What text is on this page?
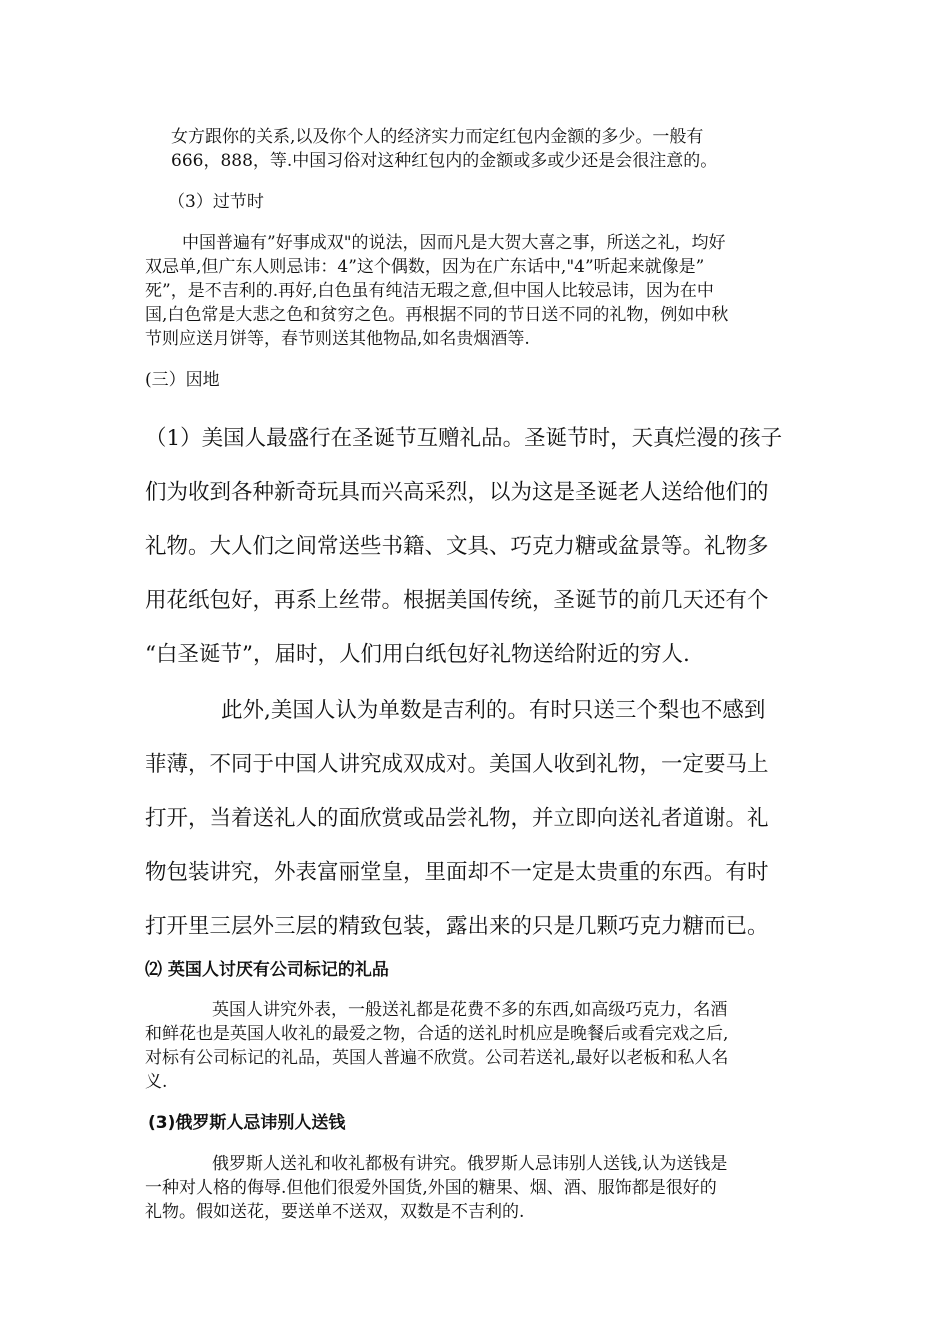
女方跟你的关系,以及你个人的经济实力而定红包内金额的多少。一般有
666，888，等.中国习俗对这种红包内的金额或多或少还是会很注意的。
（3）过节时
中国普遍有”好事成双"的说法，因而凡是大贺大喜之事，所送之礼，均好
双忌单,但广东人则忌讳：4”这个偶数，因为在广东话中,"4”听起来就像是”
死”，是不吉利的.再好,白色虽有纯洁无瑕之意,但中国人比较忌讳，因为在中
国,白色常是大悲之色和贫穷之色。再根据不同的节日送不同的礼物，例如中秋
节则应送月饼等，春节则送其他物品,如名贵烟酒等.
(三）因地
（1）美国人最盛行在圣诞节互赠礼品。圣诞节时，天真烂漫的孩子
们为收到各种新奇玩具而兴高采烈，以为这是圣诞老人送给他们的
礼物。大人们之间常送些书籍、文具、巧克力糖或盆景等。礼物多
用花纸包好，再系上丝带。根据美国传统，圣诞节的前几天还有个
“白圣诞节”，届时，人们用白纸包好礼物送给附近的穷人.
此外,美国人认为单数是吉利的。有时只送三个梨也不感到
菲薄，不同于中国人讲究成双成对。美国人收到礼物，一定要马上
打开，当着送礼人的面欣赏或品尝礼物，并立即向送礼者道谢。礼
物包装讲究，外表富丽堂皇，里面却不一定是太贵重的东西。有时
打开里三层外三层的精致包装，露出来的只是几颗巧克力糖而已。
⑵ 英国人讨厌有公司标记的礼品
英国人讲究外表，一般送礼都是花费不多的东西,如高级巧克力，名酒
和鲜花也是英国人收礼的最爱之物，合适的送礼时机应是晚餐后或看完戏之后,
对标有公司标记的礼品，英国人普遍不欣赏。公司若送礼,最好以老板和私人名
义.
(3)俄罗斯人忌讳别人送钱
俄罗斯人送礼和收礼都极有讲究。俄罗斯人忌讳别人送钱,认为送钱是
一种对人格的侮辱.但他们很爱外国货,外国的糖果、烟、酒、服饰都是很好的
礼物。假如送花，要送单不送双，双数是不吉利的.
